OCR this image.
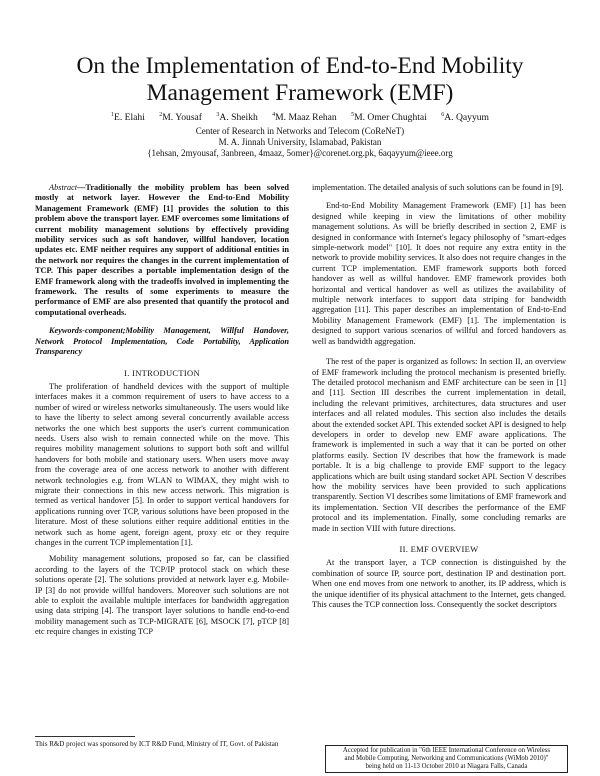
On the Implementation of End-to-End Mobility
Management Framework (EMF)
$^1$E. Elahi $^2$M. Yousaf $^3$A. Sheikh $^4$M. Maaz Rehan $^5$M. Omer Chughtai $^6$A. Qayyum
Center of Research in Networks and Telecom (CoReNeT)
M. A. Jinnah University, Islamabad, Pakistan
{1ehsan, 2myousaf, 3anbreen, 4maaz, 5omer}@corenet.org.pk, 6aqayyum@ieee.org

Abstract—Traditionally the mobility problem has been solved mostly at network layer. However the End-to-End Mobility Management Framework (EMF) [1] provides the solution to this problem above the transport layer. EMF overcomes some limitations of current mobility management solutions by effectively providing mobility services such as soft handover, willful handover, location updates etc. EMF neither requires any support of additional entities in the network nor requires the changes in the current implementation of TCP. This paper describes a portable implementation design of the EMF framework along with the tradeoffs involved in implementing the framework. The results of some experiments to measure the performance of EMF are also presented that quantify the protocol and computational overheads.

Keywords-component;Mobility Management, Willful Handover, Network Protocol Implementation, Code Portability, Application Transparency

I. INTRODUCTION

The proliferation of handheld devices with the support of multiple interfaces makes it a common requirement of users to have access to a number of wired or wireless networks simultaneously. The users would like to have the liberty to select among several concurrently available access networks the one which best supports the user's current communication needs. Users also wish to remain connected while on the move. This requires mobility management solutions to support both soft and willful handovers for both mobile and stationary users. When users move away from the coverage area of one access network to another with different network technologies e.g. from WLAN to WIMAX, they might wish to migrate their connections in this new access network. This migration is termed as vertical handover [5]. In order to support vertical handovers for applications running over TCP, various solutions have been proposed in the literature. Most of these solutions either require additional entities in the network such as home agent, foreign agent, proxy etc or they require changes in the current TCP implementation [1].

Mobility management solutions, proposed so far, can be classified according to the layers of the TCP/IP protocol stack on which these solutions operate [2]. The solutions provided at network layer e.g. Mobile-IP [3] do not provide willful handovers. Moreover such solutions are not able to exploit the available multiple interfaces for bandwidth aggregation using data striping [4]. The transport layer solutions to handle end-to-end mobility management such as TCP-MIGRATE [6], MSOCK [7], pTCP [8] etc require changes in existing TCP

implementation. The detailed analysis of such solutions can be found in [9].

End-to-End Mobility Management Framework (EMF) [1] has been designed while keeping in view the limitations of other mobility management solutions. As will be briefly described in section 2, EMF is designed in conformance with Internet's legacy philosophy of "smart-edges simple-network model" [10]. It does not require any extra entity in the network to provide mobility services. It also does not require changes in the current TCP implementation. EMF framework supports both forced handover as well as willful handover. EMF framework provides both horizontal and vertical handover as well as utilizes the availability of multiple network interfaces to support data striping for bandwidth aggregation [11]. This paper describes an implementation of End-to-End Mobility Management Framework (EMF) [1]. The implementation is designed to support various scenarios of willful and forced handovers as well as bandwidth aggregation.

The rest of the paper is organized as follows: In section II, an overview of EMF framework including the protocol mechanism is presented briefly. The detailed protocol mechanism and EMF architecture can be seen in [1] and [11]. Section III describes the current implementation in detail, including the relevant primitives, architectures, data structures and user interfaces and all related modules. This section also includes the details about the extended socket API. This extended socket API is designed to help developers in order to develop new EMF aware applications. The framework is implemented in such a way that it can be ported on other platforms easily. Section IV describes that how the framework is made portable. It is a big challenge to provide EMF support to the legacy applications which are built using standard socket API. Section V describes how the mobility services have been provided to such applications transparently. Section VI describes some limitations of EMF framework and its implementation. Section VII describes the performance of the EMF protocol and its implementation. Finally, some concluding remarks are made in section VIII with future directions.

II. EMF OVERVIEW

At the transport layer, a TCP connection is distinguished by the combination of source IP, source port, destination IP and destination port. When one end moves from one network to another, its IP address, which is the unique identifier of its physical attachment to the Internet, gets changed. This causes the TCP connection loss. Consequently the socket descriptors

This R&D project was sponsored by ICT R&D Fund, Ministry of IT, Govt. of Pakistan
Accepted for publication in "6th IEEE International Conference on Wireless
and Mobile Computing, Networking and Communications (WiMob 2010)"
being held on 11-13 October 2010 at Niagara Falls, Canada
